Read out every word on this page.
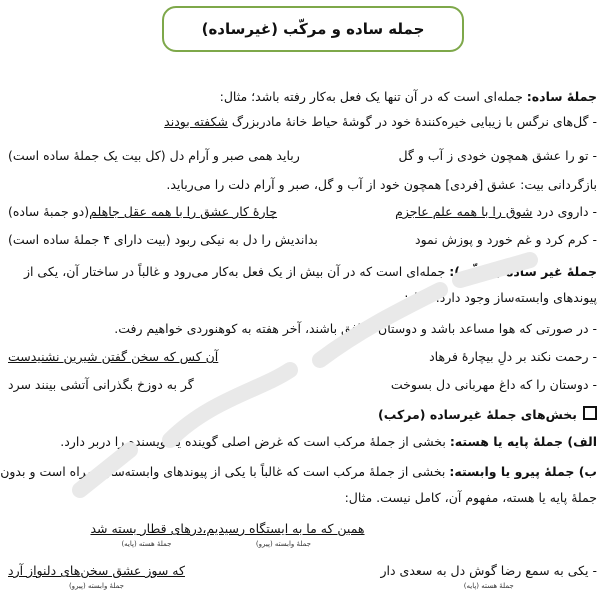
جمله ساده و مرکّب (غیرساده)
جملهٔ ساده: جمله‌ای است که در آن تنها یک فعل به‌کار رفته باشد؛ مثال:
- گل‌های نرگس با زیبایی خیره‌کنندهٔ خود در گوشهٔ حیاط خانهٔ مادربزرگ شکفته بودند
- تو را عشق همچون خودی ز آب و گل
رباید همی صبر و آرام دل (کل بیت یک جملهٔ ساده است)
بازگردانی بیت: عشق [فردی] همچون خود از آب و گل، صبر و آرام دلت را می‌رباید.
- داروی درد شوق را با همه علم عاجزم
چارهٔ کار عشق را با همه عقل جاهلم(دو جمبهٔ ساده)
- کرم کرد و غم خورد و پوزش نمود
بداندیش را دل به نیکی ربود (بیت دارای ۴ جملهٔ ساده است)
جملهٔ غیر ساده (مرکّب): جمله‌ای است که در آن بیش از یک فعل به‌کار می‌رود و غالباً در ساختار آن، یکی از
پیوندهای وابسته‌ساز وجود دارد؛ مثال:
- در صورتی که هوا مساعد باشد و دوستان موافق باشند، آخر هفته به کوهنوردی خواهیم رفت.
- رحمت نکند بر دلِ بیچارهٔ فرهاد
آن کس که سخن گفتن شیرین نشنیدست
- دوستان را که داغ مهربانی دل بسوخت
گر به دوزخ بگذرانی آتشی بینند سرد
بخش‌های جملهٔ غیرساده (مرکب)
الف) جملهٔ پایه یا هسته: بخشی از جملهٔ مرکب است که غرض اصلی گوینده یا نویسنده را دربر دارد.
ب) جملهٔ پیرو یا وابسته: بخشی از جملهٔ مرکب است که غالباً با یکی از پیوندهای وابسته‌ساز همراه است و بدون
جملهٔ پایه یا هسته، مفهوم آن، کامل نیست. مثال:
همین که ما به ایستگاه رسیدیم،
جملهٔ وابسته (پیرو)
درهای قطار بسته شد
جملهٔ هسته (پایه)
- یکی به سمع رضا گوش دل به سعدی دار
جملهٔ هسته (پایه)
که سوز عشق سخن‌های دلنواز آرد
جملهٔ وابسته (پیرو)
